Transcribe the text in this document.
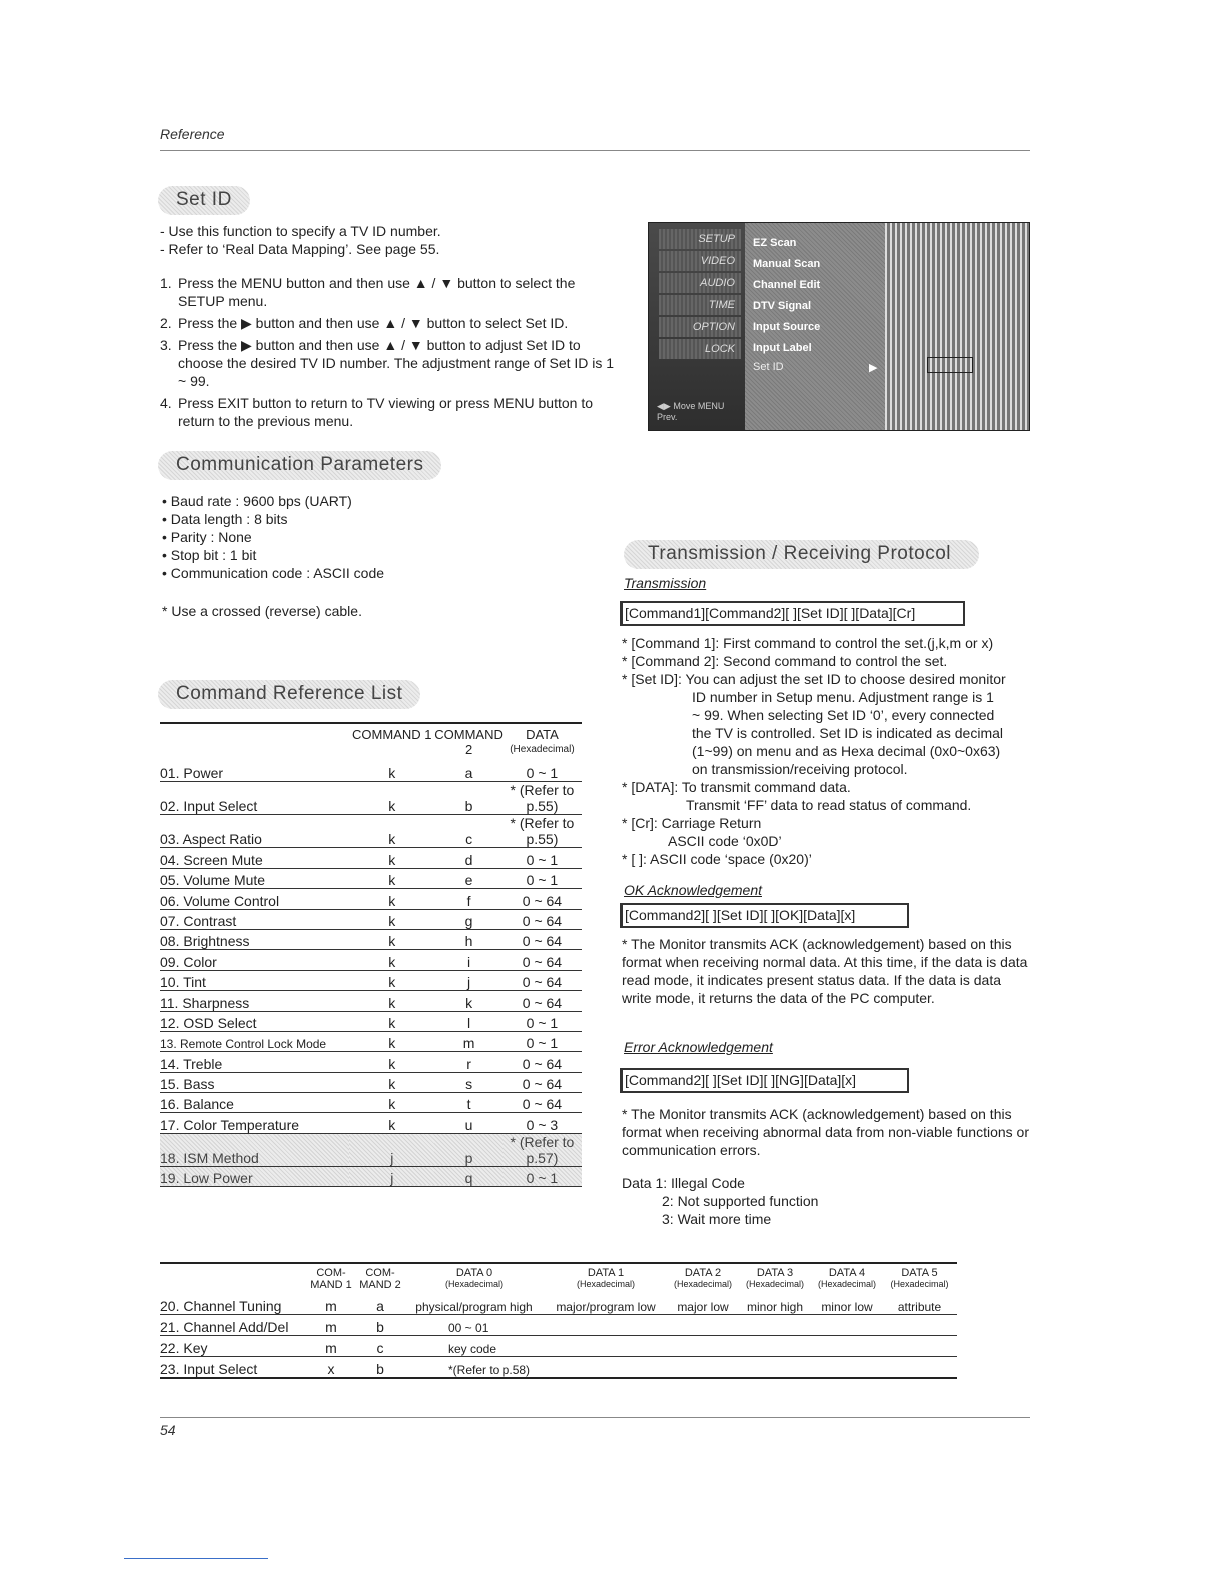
Reference
Set ID
- Use this function to specify a TV ID number.
- Refer to ‘Real Data Mapping’. See page 55.
1. Press the MENU button and then use ▲ / ▼ button to select the SETUP menu.
2. Press the ▶ button and then use ▲ / ▼ button to select Set ID.
3. Press the ▶ button and then use ▲ / ▼ button to adjust Set ID to choose the desired TV ID number. The adjustment range of Set ID is 1 ~ 99.
4. Press EXIT button to return to TV viewing or press MENU button to return to the previous menu.
SETUP
VIDEO
AUDIO
TIME
OPTION
LOCK
◀▶ Move MENU Prev.
EZ Scan
Manual Scan
Channel Edit
DTV Signal
Input Source
Input Label
Set ID	▶
Communication Parameters
• Baud rate : 9600 bps (UART)
• Data length : 8 bits
• Parity : None
• Stop bit : 1 bit
• Communication code : ASCII code
* Use a crossed (reverse) cable.
Command Reference List
	COMMAND 1	COMMAND 2	DATA
(Hexadecimal)

01. Power	k	a	0 ~ 1
02. Input Select	k	b	* (Refer to p.55)
03. Aspect Ratio	k	c	* (Refer to p.55)
04. Screen Mute	k	d	0 ~ 1
05. Volume Mute	k	e	0 ~ 1
06. Volume Control	k	f	0 ~ 64
07. Contrast	k	g	0 ~ 64
08. Brightness	k	h	0 ~ 64
09. Color	k	i	0 ~ 64
10. Tint	k	j	0 ~ 64
11. Sharpness	k	k	0 ~ 64
12. OSD Select	k	l	0 ~ 1
13. Remote Control Lock Mode	k	m	0 ~ 1
14. Treble	k	r	0 ~ 64
15. Bass	k	s	0 ~ 64
16. Balance	k	t	0 ~ 64
17. Color Temperature	k	u	0 ~ 3
18. ISM Method	j	p	* (Refer to p.57)
19. Low Power	j	q	0 ~ 1
Transmission / Receiving Protocol
Transmission
[Command1][Command2][ ][Set ID][ ][Data][Cr]
* [Command 1]: First command to control the set.(j,k,m or x)
* [Command 2]: Second command to control the set.
* [Set ID]: You can adjust the set ID to choose desired monitor
ID number in Setup menu. Adjustment range is 1
~ 99. When selecting Set ID ‘0’, every connected
the TV is controlled. Set ID is indicated as decimal
(1~99) on menu and as Hexa decimal (0x0~0x63)
on transmission/receiving protocol.
* [DATA]: To transmit command data.
Transmit ‘FF’ data to read status of command.
* [Cr]: Carriage Return
ASCII code ‘0x0D’
* [ ]: ASCII code ‘space (0x20)’
OK Acknowledgement
[Command2][ ][Set ID][ ][OK][Data][x]
* The Monitor transmits ACK (acknowledgement) based on this format when receiving normal data. At this time, if the data is data read mode, it indicates present status data. If the data is data write mode, it returns the data of the PC computer.
Error Acknowledgement
[Command2][ ][Set ID][ ][NG][Data][x]
* The Monitor transmits ACK (acknowledgement) based on this format when receiving abnormal data from non-viable functions or communication errors.
Data 1: Illegal Code
2: Not supported function
3: Wait more time
	COM-
MAND 1	COM-
MAND 2	DATA 0
(Hexadecimal)	DATA 1
(Hexadecimal)	DATA 2
(Hexadecimal)	DATA 3
(Hexadecimal)	DATA 4
(Hexadecimal)	DATA 5
(Hexadecimal)

20. Channel Tuning	m	a	physical/program high	major/program low	major low	minor high	minor low	attribute
21. Channel Add/Del	m	b	00 ~ 01					
22. Key	m	c	key code					
23. Input Select	x	b	*(Refer to p.58)					
54
